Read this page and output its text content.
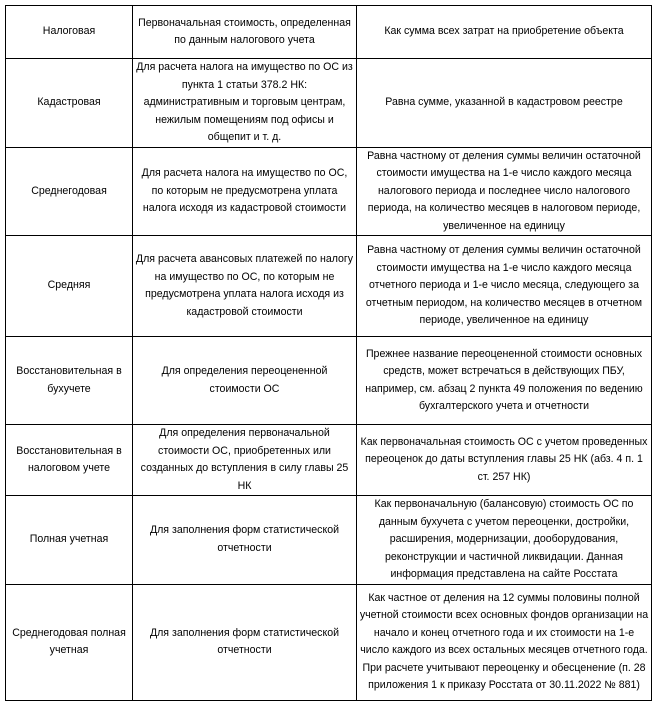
Налоговая	Первоначальная стоимость, определенная по данным налогового учета	Как сумма всех затрат на приобретение объекта
Кадастровая	Для расчета налога на имущество по ОС из пункта 1 статьи 378.2 НК: административным и торговым центрам, нежилым помещениям под офисы и общепит и т. д.	Равна сумме, указанной в кадастровом реестре
Среднегодовая	Для расчета налога на имущество по ОС, по которым не предусмотрена уплата налога исходя из кадастровой стоимости	Равна частному от деления суммы величин остаточной стоимости имущества на 1-е число каждого месяца налогового периода и последнее число налогового периода, на количество месяцев в налоговом периоде, увеличенное на единицу
Средняя	Для расчета авансовых платежей по налогу на имущество по ОС, по которым не предусмотрена уплата налога исходя из кадастровой стоимости	Равна частному от деления суммы величин остаточной стоимости имущества на 1-е число каждого месяца отчетного периода и 1-е число месяца, следующего за отчетным периодом, на количество месяцев в отчетном периоде, увеличенное на единицу
Восстановительная в бухучете	Для определения переоцененной стоимости ОС	Прежнее название переоцененной стоимости основных средств, может встречаться в действующих ПБУ, например, см. абзац 2 пункта 49 положения по ведению бухгалтерского учета и отчетности
Восстановительная в налоговом учете	Для определения первоначальной стоимости ОС, приобретенных или созданных до вступления в силу главы 25 НК	Как первоначальная стоимость ОС с учетом проведенных переоценок до даты вступления главы 25 НК (абз. 4 п. 1 ст. 257 НК)
Полная учетная	Для заполнения форм статистической отчетности	Как первоначальную (балансовую) стоимость ОС по данным бухучета с учетом переоценки, достройки, расширения, модернизации, дооборудования, реконструкции и частичной ликвидации. Данная информация представлена на сайте Росстата
Среднегодовая полная учетная	Для заполнения форм статистической отчетности	Как частное от деления на 12 суммы половины полной учетной стоимости всех основных фондов организации на начало и конец отчетного года и их стоимости на 1-е число каждого из всех остальных месяцев отчетного года. При расчете учитывают переоценку и обесценение (п. 28 приложения 1 к приказу Росстата от 30.11.2022 № 881)
